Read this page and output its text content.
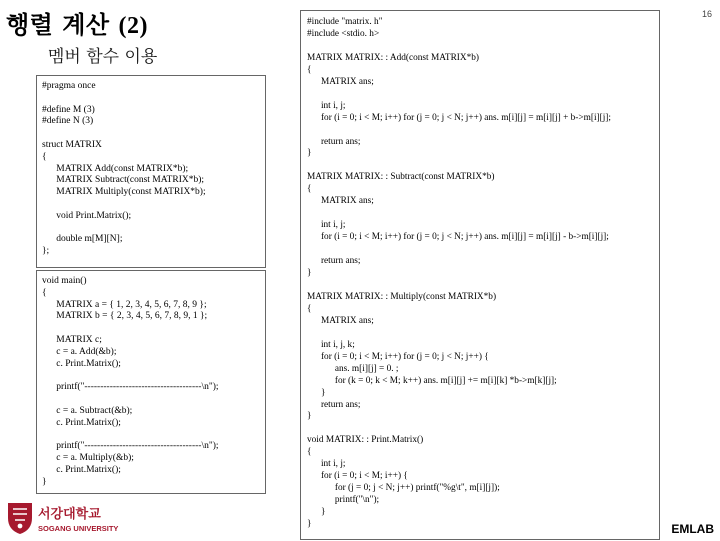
행렬 계산 (2)
멤버 함수 이용
16
#pragma once

#define M (3)
#define N (3)

struct MATRIX
{
MATRIX Add(const MATRIX*b);
MATRIX Subtract(const MATRIX*b);
MATRIX Multiply(const MATRIX*b);

void Print.Matrix();

double m[M][N];
};
void main()
{
MATRIX a = { 1, 2, 3, 4, 5, 6, 7, 8, 9 };
MATRIX b = { 2, 3, 4, 5, 6, 7, 8, 9, 1 };

MATRIX c;
c = a. Add(&b);
c. Print.Matrix();

printf("-------------------------------------\n");

c = a. Subtract(&b);
c. Print.Matrix();

printf("-------------------------------------\n");
c = a. Multiply(&b);
c. Print.Matrix();
}
#include "matrix. h"
#include <stdio. h>

MATRIX MATRIX: : Add(const MATRIX*b)
{
MATRIX ans;

int i, j;
for (i = 0; i < M; i++) for (j = 0; j < N; j++) ans. m[i][j] = m[i][j] + b->m[i][j];

return ans;
}

MATRIX MATRIX: : Subtract(const MATRIX*b)
{
MATRIX ans;

int i, j;
for (i = 0; i < M; i++) for (j = 0; j < N; j++) ans. m[i][j] = m[i][j] - b->m[i][j];

return ans;
}

MATRIX MATRIX: : Multiply(const MATRIX*b)
{
MATRIX ans;

int i, j, k;
for (i = 0; i < M; i++) for (j = 0; j < N; j++) {
ans. m[i][j] = 0. ;
for (k = 0; k < M; k++) ans. m[i][j] += m[i][k] *b->m[k][j];
}
return ans;
}

void MATRIX: : Print.Matrix()
{
int i, j;
for (i = 0; i < M; i++) {
for (j = 0; j < N; j++) printf("%g\t", m[i][j]);
printf("\n");
}
}
서강대학교
SOGANG UNIVERSITY	EMLAB
